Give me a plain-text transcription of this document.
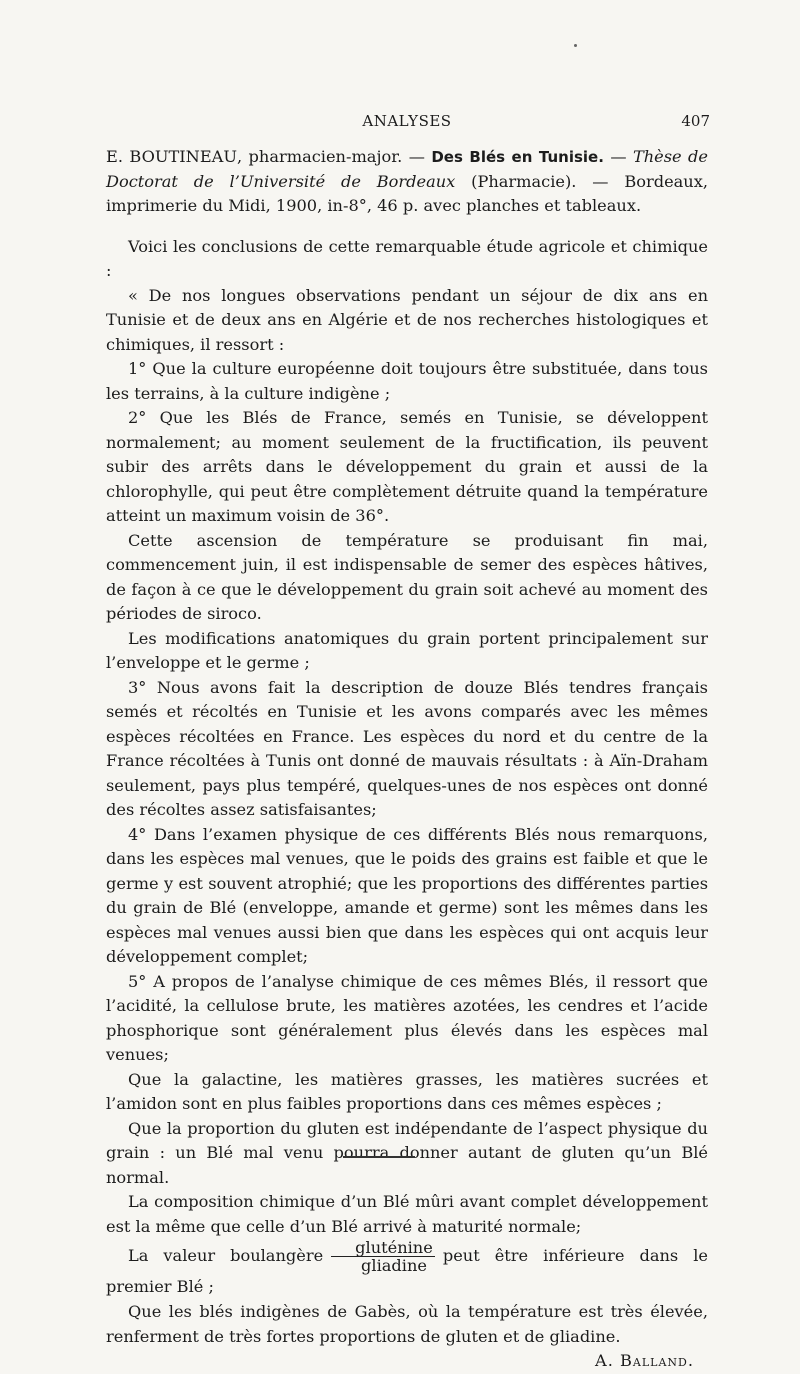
ANALYSES	407

E. BOUTINEAU, pharmacien-major. — Des Blés en Tunisie. — Thèse de Doctorat de l’Université de Bordeaux (Pharmacie). — Bordeaux, imprimerie du Midi, 1900, in-8°, 46 p. avec planches et tableaux.

Voici les conclusions de cette remarquable étude agricole et chimique :

« De nos longues observations pendant un séjour de dix ans en Tunisie et de deux ans en Algérie et de nos recherches histologiques et chimiques, il ressort :

1° Que la culture européenne doit toujours être substituée, dans tous les terrains, à la culture indigène ;

2° Que les Blés de France, semés en Tunisie, se développent normalement; au moment seulement de la fructification, ils peuvent subir des arrêts dans le développement du grain et aussi de la chlorophylle, qui peut être complètement détruite quand la température atteint un maximum voisin de 36°.

Cette ascension de température se produisant fin mai, commencement juin, il est indispensable de semer des espèces hâtives, de façon à ce que le développement du grain soit achevé au moment des périodes de siroco.

Les modifications anatomiques du grain portent principalement sur l’enveloppe et le germe ;

3° Nous avons fait la description de douze Blés tendres français semés et récoltés en Tunisie et les avons comparés avec les mêmes espèces récoltées en France. Les espèces du nord et du centre de la France récoltées à Tunis ont donné de mauvais résultats : à Aïn-Draham seulement, pays plus tempéré, quelques-unes de nos espèces ont donné des récoltes assez satisfaisantes;

4° Dans l’examen physique de ces différents Blés nous remarquons, dans les espèces mal venues, que le poids des grains est faible et que le germe y est souvent atrophié; que les proportions des différentes parties du grain de Blé (enveloppe, amande et germe) sont les mêmes dans les espèces mal venues aussi bien que dans les espèces qui ont acquis leur développement complet;

5° A propos de l’analyse chimique de ces mêmes Blés, il ressort que l’acidité, la cellulose brute, les matières azotées, les cendres et l’acide phosphorique sont généralement plus élevés dans les espèces mal venues;

Que la galactine, les matières grasses, les matières sucrées et l’amidon sont en plus faibles proportions dans ces mêmes espèces ;

Que la proportion du gluten est indépendante de l’aspect physique du grain : un Blé mal venu pourra donner autant de gluten qu’un Blé normal.

La composition chimique d’un Blé mûri avant complet développement est la même que celle d’un Blé arrivé à maturité normale;

La valeur boulangère $\frac{\text{gluténine}}{\text{gliadine}}$ peut être inférieure dans le premier Blé ;

Que les blés indigènes de Gabès, où la température est très élevée, renferment de très fortes proportions de gluten et de gliadine.

A. Balland.
